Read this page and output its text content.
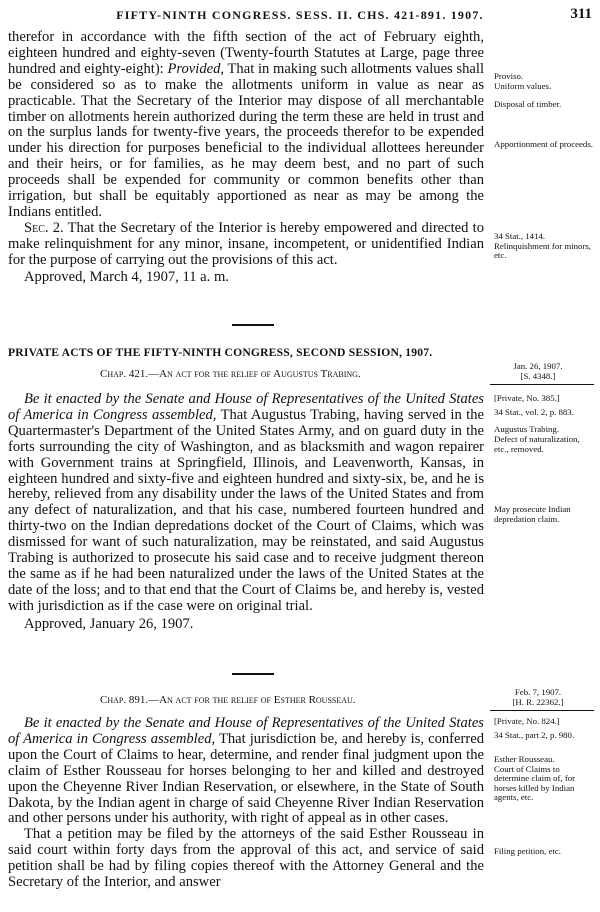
FIFTY-NINTH CONGRESS. SESS. II. CHS. 421-891. 1907.	311

therefor in accordance with the fifth section of the act of February eighth, eighteen hundred and eighty-seven (Twenty-fourth Statutes at Large, page three hundred and eighty-eight): Provided, That in making such allotments values shall be considered so as to make the allotments uniform in value as near as practicable. That the Secretary of the Interior may dispose of all merchantable timber on allotments herein authorized during the term these are held in trust and on the surplus lands for twenty-five years, the proceeds therefor to be expended under his direction for purposes beneficial to the individual allottees hereunder and their heirs, or for families, as he may deem best, and no part of such proceeds shall be expended for community or common benefits other than irrigation, but shall be equitably apportioned as near as may be among the Indians entitled.

Sec. 2. That the Secretary of the Interior is hereby empowered and directed to make relinquishment for any minor, insane, incompetent, or unidentified Indian for the purpose of carrying out the provisions of this act.

Approved, March 4, 1907, 11 a. m.

Proviso.
Uniform values.
Disposal of timber.
Apportionment of proceeds.
34 Stat., 1414.
Relinquishment for minors, etc.
PRIVATE ACTS OF THE FIFTY-NINTH CONGRESS, SECOND SESSION, 1907.
Chap. 421.—An act for the relief of Augustus Trabing.
Jan. 26, 1907.
[S. 4348.]

Be it enacted by the Senate and House of Representatives of the United States of America in Congress assembled, That Augustus Trabing, having served in the Quartermaster's Department of the United States Army, and on guard duty in the forts surrounding the city of Washington, and as blacksmith and wagon repairer with Government trains at Springfield, Illinois, and Leavenworth, Kansas, in eighteen hundred and sixty-five and eighteen hundred and sixty-six, be, and he is hereby, relieved from any disability under the laws of the United States and from any defect of naturalization, and that his case, numbered fourteen hundred and thirty-two on the Indian depredations docket of the Court of Claims, which was dismissed for want of such naturalization, may be reinstated, and said Augustus Trabing is authorized to prosecute his said case and to receive judgment thereon the same as if he had been naturalized under the laws of the United States at the date of the loss; and to that end that the Court of Claims be, and hereby is, vested with jurisdiction as if the case were on original trial.

Approved, January 26, 1907.

[Private, No. 385.]
34 Stat., vol. 2, p. 883.
Augustus Trabing.
Defect of naturalization, etc., removed.
May prosecute Indian depredation claim.
Chap. 891.—An act for the relief of Esther Rousseau.
Feb. 7, 1907.
[H. R. 22362.]

Be it enacted by the Senate and House of Representatives of the United States of America in Congress assembled, That jurisdiction be, and hereby is, conferred upon the Court of Claims to hear, determine, and render final judgment upon the claim of Esther Rousseau for horses belonging to her and killed and destroyed upon the Cheyenne River Indian Reservation, or elsewhere, in the State of South Dakota, by the Indian agent in charge of said Cheyenne River Indian Reservation and other persons under his authority, with right of appeal as in other cases.

That a petition may be filed by the attorneys of the said Esther Rousseau in said court within forty days from the approval of this act, and service of said petition shall be had by filing copies thereof with the Attorney General and the Secretary of the Interior, and answer

[Private, No. 824.]
34 Stat., part 2, p. 980.
Esther Rousseau.
Court of Claims to determine claim of, for horses killed by Indian agents, etc.
Filing petition, etc.
